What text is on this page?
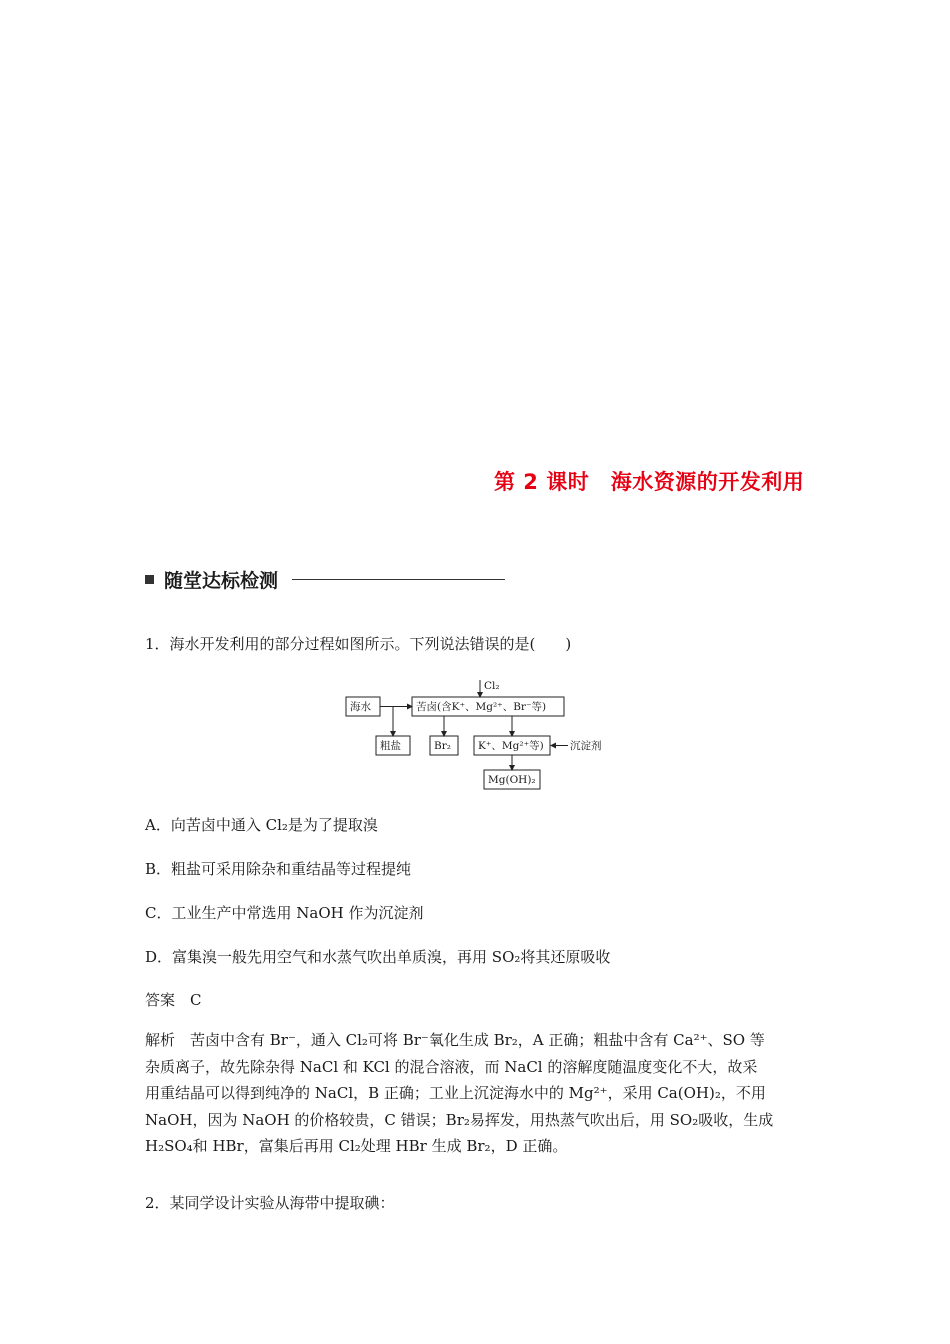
第 2 课时　海水资源的开发利用
随堂达标检测
1．海水开发利用的部分过程如图所示。下列说法错误的是(　　)
海水	苦卤(含K⁺、Mg²⁺、Br⁻等)
Cl₂
粗盐	Br₂	K⁺、Mg²⁺等)	沉淀剂
Mg(OH)₂
A．向苦卤中通入 Cl₂是为了提取溴
B．粗盐可采用除杂和重结晶等过程提纯
C．工业生产中常选用 NaOH 作为沉淀剂
D．富集溴一般先用空气和水蒸气吹出单质溴，再用 SO₂将其还原吸收
答案　C

解析　苦卤中含有 Br⁻，通入 Cl₂可将 Br⁻氧化生成 Br₂，A 正确；粗盐中含有 Ca²⁺、SO 等

杂质离子，故先除杂得 NaCl 和 KCl 的混合溶液，而 NaCl 的溶解度随温度变化不大，故采

用重结晶可以得到纯净的 NaCl，B 正确；工业上沉淀海水中的 Mg²⁺，采用 Ca(OH)₂，不用

NaOH，因为 NaOH 的价格较贵，C 错误；Br₂易挥发，用热蒸气吹出后，用 SO₂吸收，生成

H₂SO₄和 HBr，富集后再用 Cl₂处理 HBr 生成 Br₂，D 正确。

2．某同学设计实验从海带中提取碘：
